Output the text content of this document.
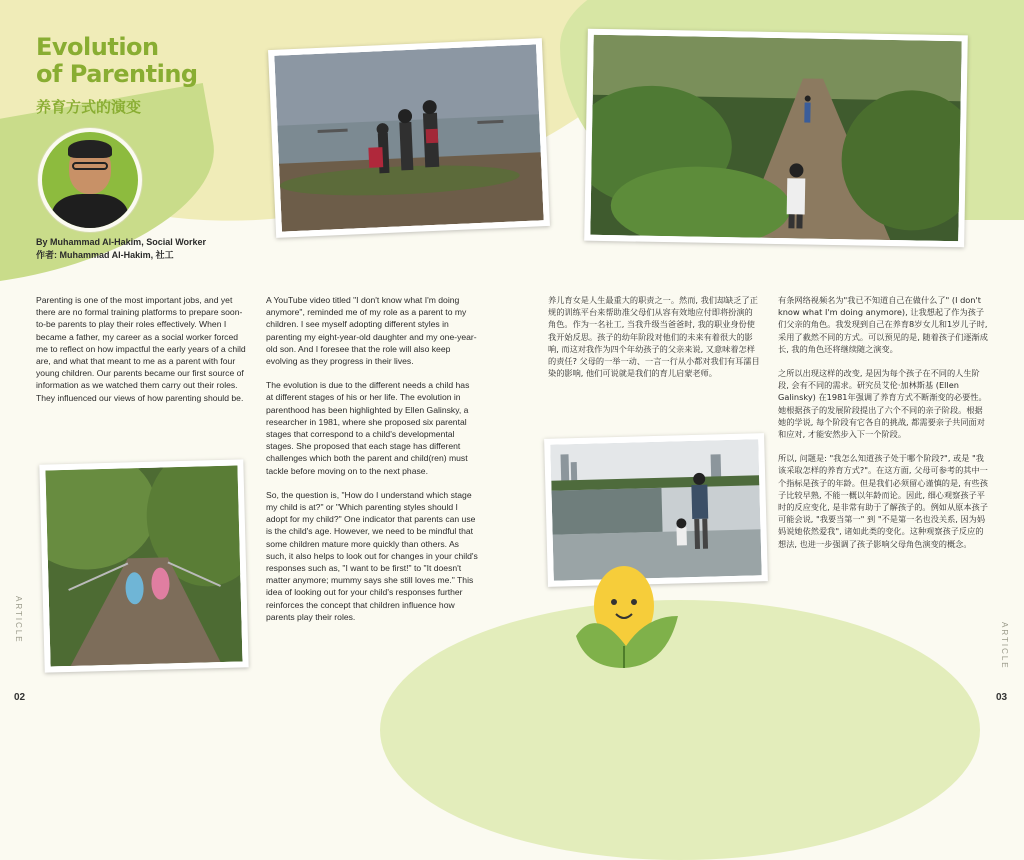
Evolution
of Parenting
养育方式的演变
By Muhammad Al-Hakim, Social Worker
作者: Muhammad Al-Hakim, 社工

Parenting is one of the most important jobs, and yet there are no formal training platforms to prepare soon-to-be parents to play their roles effectively. When I became a father, my career as a social worker forced me to reflect on how impactful the early years of a child are, and what that meant to me as a parent with four young children. Our parents became our first source of information as we watched them carry out their roles. They influenced our views of how parenting should be.

A YouTube video titled "I don't know what I'm doing anymore", reminded me of my role as a parent to my children. I see myself adopting different styles in parenting my eight-year-old daughter and my one-year-old son. And I foresee that the role will also keep evolving as they progress in their lives.

The evolution is due to the different needs a child has at different stages of his or her life. The evolution in parenthood has been highlighted by Ellen Galinsky, a researcher in 1981, where she proposed six parental stages that correspond to a child's developmental stages. She proposed that each stage has different challenges which both the parent and child(ren) must tackle before moving on to the next phase.

So, the question is, "How do I understand which stage my child is at?" or "Which parenting styles should I adopt for my child?" One indicator that parents can use is the child's age. However, we need to be mindful that some children mature more quickly than others. As such, it also helps to look out for changes in your child's responses such as, "I want to be first!" to "It doesn't matter anymore; mummy says she still loves me." This idea of looking out for your child's responses further reinforces the concept that children influence how parents play their roles.

养儿育女是人生最重大的职责之一。然而, 我们却缺乏了正规的训练平台来帮助准父母们从容有效地应付即将扮演的角色。作为一名社工, 当我升级当爸爸时, 我的职业身份使我开始反思。孩子的幼年阶段对他们的未来有着很大的影响, 而这对我作为四个年幼孩子的父亲来说, 又意味着怎样的责任? 父母的一举一动、一言一行从小都对我们有耳濡目染的影响, 他们可说就是我们的育儿启蒙老师。

有条网络视频名为"我已不知道自己在做什么了" (I don't know what I'm doing anymore), 让我想起了作为孩子们父亲的角色。我发现到自己在养育8岁女儿和1岁儿子时, 采用了截然不同的方式。可以预见的是, 随着孩子们逐渐成长, 我的角色还将继续随之演变。

之所以出现这样的改变, 是因为每个孩子在不同的人生阶段, 会有不同的需求。研究员艾伦·加林斯基 (Ellen Galinsky) 在1981年强调了养育方式不断渐变的必要性。她根据孩子的发展阶段提出了六个不同的亲子阶段。根据她的学说, 每个阶段有它各自的挑战, 都需要亲子共同面对和应对, 才能安然步入下一个阶段。

所以, 问题是: "我怎么知道孩子处于哪个阶段?", 或是 "我该采取怎样的养育方式?"。在这方面, 父母可参考的其中一个指标是孩子的年龄。但是我们必须留心谨慎的是, 有些孩子比较早熟, 不能一概以年龄而论。因此, 细心观察孩子平时的反应变化, 是非常有助于了解孩子的。例如从原本孩子可能会说, "我要当第一" 到 "不是第一名也没关系, 因为妈妈说她依然爱我", 诸如此类的变化。这种观察孩子反应的想法, 也进一步强调了孩子影响父母角色演变的概念。

ARTICLE
ARTICLE
02	03
